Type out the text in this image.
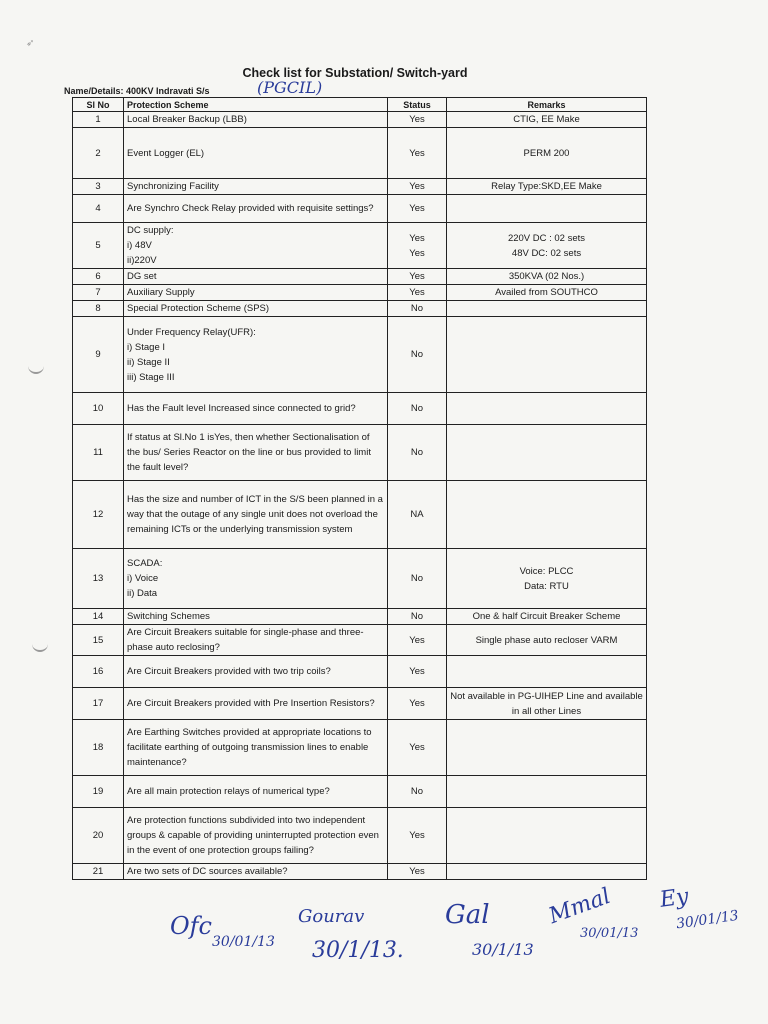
➶
Check list for Substation/ Switch-yard
Name/Details: 400KV Indravati S/s	(PGCIL)
Sl No	Protection Scheme	Status	Remarks
1	Local Breaker Backup (LBB)	Yes	CTIG, EE Make
2	Event Logger (EL)	Yes	PERM 200
3	Synchronizing Facility	Yes	Relay Type:SKD,EE Make
4	Are Synchro Check Relay provided with requisite settings?	Yes	
5	DC supply:
i) 48V
ii)220V	Yes
Yes	220V DC : 02 sets
48V DC: 02 sets
6	DG set	Yes	350KVA (02 Nos.)
7	Auxiliary Supply	Yes	Availed from SOUTHCO
8	Special Protection Scheme (SPS)	No	
9	Under Frequency Relay(UFR):
i) Stage I
ii) Stage II
iii) Stage III	No	
10	Has the Fault level Increased since connected to grid?	No	
11	If status at Sl.No 1 isYes, then whether Sectionalisation of the bus/ Series Reactor on the line or bus provided to limit the fault level?	No	
12	Has the size and number of ICT in the S/S been planned in a way that the outage of any single unit does not overload the remaining ICTs or the underlying transmission system	NA	
13	SCADA:
i) Voice
ii) Data	No	Voice: PLCC
Data: RTU
14	Switching Schemes	No	One & half Circuit Breaker Scheme
15	Are Circuit Breakers suitable for single-phase and three-phase auto reclosing?	Yes	Single phase auto recloser VARM
16	Are Circuit Breakers provided with two trip coils?	Yes	
17	Are Circuit Breakers provided with Pre Insertion Resistors?	Yes	Not available in PG-UIHEP Line and available in all other Lines
18	Are Earthing Switches provided at appropriate locations to facilitate earthing of outgoing transmission lines to enable maintenance?	Yes	
19	Are all main protection relays of numerical type?	No	
20	Are protection functions subdivided into two independent groups & capable of providing uninterrupted protection even in the event of one protection groups failing?	Yes	
21	Are two sets of DC sources available?	Yes	
Ofc
30/01/13
Gourav
30/1/13.
Gal
30/1/13
Mmal
30/01/13
Ey
30/01/13
